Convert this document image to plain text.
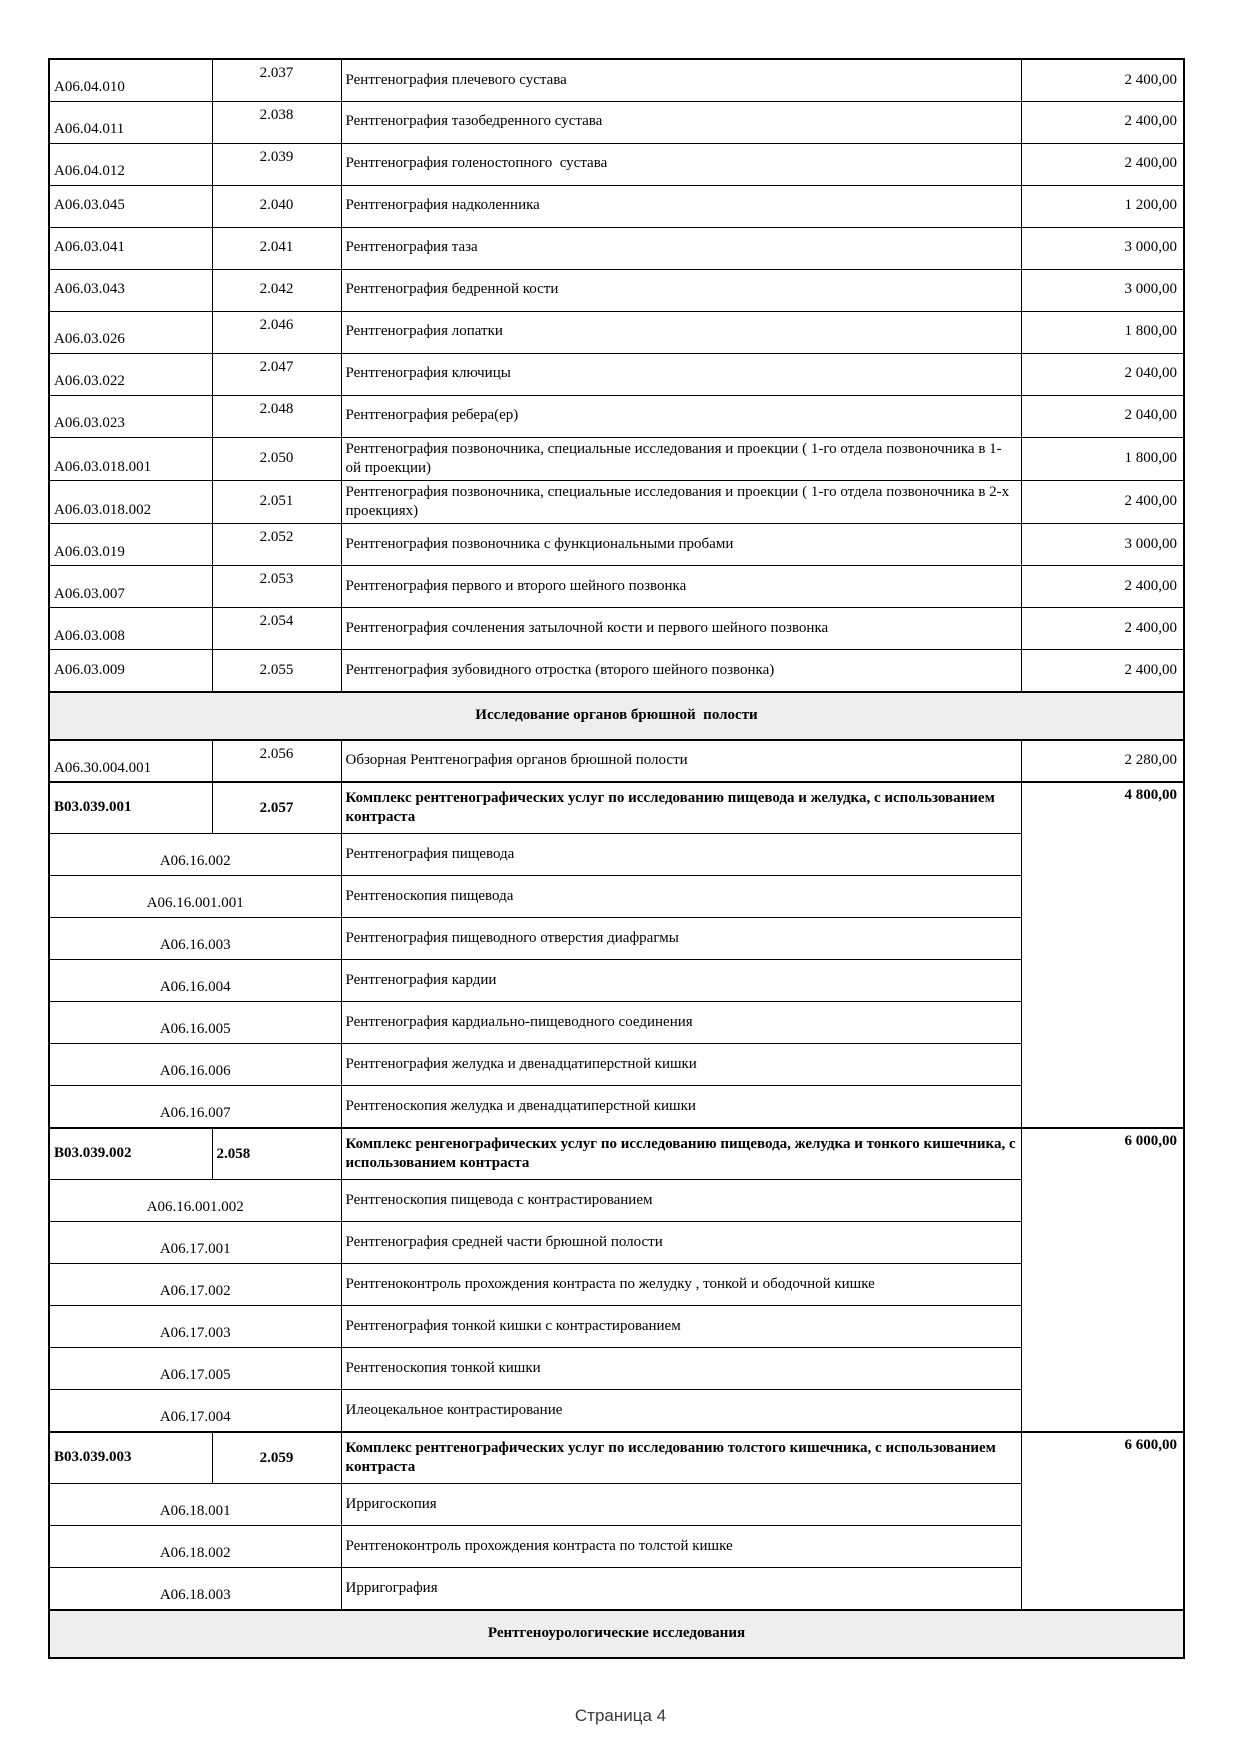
А06.04.010	2.037	Рентгенография плечевого сустава	2 400,00
А06.04.011	2.038	Рентгенография тазобедренного сустава	2 400,00
А06.04.012	2.039	Рентгенография голеностопного  сустава	2 400,00
А06.03.045	2.040	Рентгенография надколенника	1 200,00
А06.03.041	2.041	Рентгенография таза	3 000,00
А06.03.043	2.042	Рентгенография бедренной кости	3 000,00
А06.03.026	2.046	Рентгенография лопатки	1 800,00
А06.03.022	2.047	Рентгенография ключицы	2 040,00
А06.03.023	2.048	Рентгенография ребера(ер)	2 040,00
А06.03.018.001	2.050	Рентгенография позвоночника, специальные исследования и проекции ( 1-го отдела позвоночника в 1-ой проекции)	1 800,00
А06.03.018.002	2.051	Рентгенография позвоночника, специальные исследования и проекции ( 1-го отдела позвоночника в 2-х проекциях)	2 400,00
А06.03.019	2.052	Рентгенография позвоночника с функциональными пробами	3 000,00
А06.03.007	2.053	Рентгенография первого и второго шейного позвонка	2 400,00
А06.03.008	2.054	Рентгенография сочленения затылочной кости и первого шейного позвонка	2 400,00
А06.03.009	2.055	Рентгенография зубовидного отростка (второго шейного позвонка)	2 400,00
Исследование органов брюшной  полости			
А06.30.004.001	2.056	Обзорная Рентгенография органов брюшной полости	2 280,00
В03.039.001	2.057	Комплекс рентгенографических услуг по исследованию пищевода и желудка, с использованием контраста	4 800,00
А06.16.002		Рентгенография пищевода	
А06.16.001.001		Рентгеноскопия пищевода	
А06.16.003		Рентгенография пищеводного отверстия диафрагмы	
А06.16.004		Рентгенография кардии	
А06.16.005		Рентгенография кардиально-пищеводного соединения	
А06.16.006		Рентгенография желудка и двенадцатиперстной кишки	
А06.16.007		Рентгеноскопия желудка и двенадцатиперстной кишки	
В03.039.002	2.058	Комплекс ренгенографических услуг по исследованию пищевода, желудка и тонкого кишечника, с использованием контраста	6 000,00
А06.16.001.002		Рентгеноскопия пищевода с контрастированием	
А06.17.001		Рентгенография средней части брюшной полости	
А06.17.002		Рентгеноконтроль прохождения контраста по желудку , тонкой и ободочной кишке	
А06.17.003		Рентгенография тонкой кишки с контрастированием	
А06.17.005		Рентгеноскопия тонкой кишки	
А06.17.004		Илеоцекальное контрастирование	
В03.039.003	2.059	Комплекс рентгенографических услуг по исследованию толстого кишечника, с использованием контраста	6 600,00
А06.18.001		Ирригоскопия	
А06.18.002		Рентгеноконтроль прохождения контраста по толстой кишке	
А06.18.003		Ирригография	
Рентгеноурологические исследования			
Страница 4
